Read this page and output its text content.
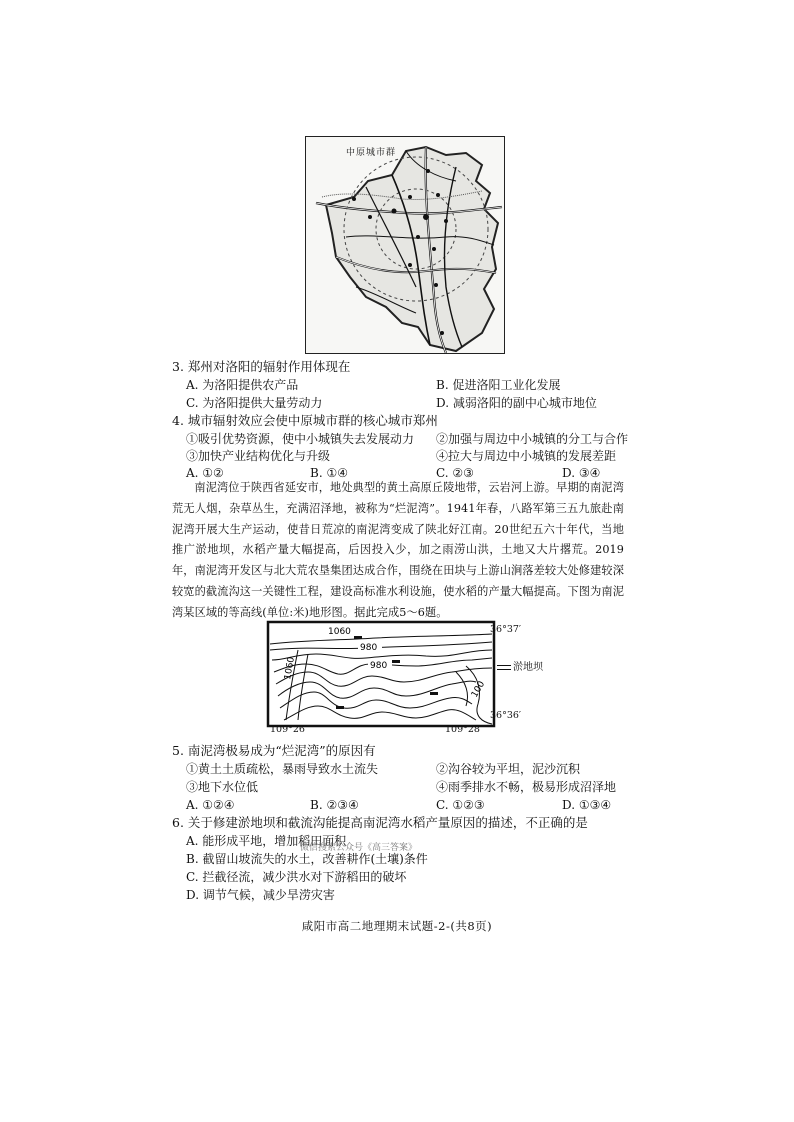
中原城市群
3. 郑州对洛阳的辐射作用体现在
A. 为洛阳提供农产品	B. 促进洛阳工业化发展
C. 为洛阳提供大量劳动力	D. 减弱洛阳的副中心城市地位
4. 城市辐射效应会使中原城市群的核心城市郑州
①吸引优势资源，使中小城镇失去发展动力 ②加强与周边中小城镇的分工与合作
③加快产业结构优化与升级	④拉大与周边中小城镇的发展差距
A. ①②	B. ①④	C. ②③	D. ③④
南泥湾位于陕西省延安市，地处典型的黄土高原丘陵地带，云岩河上游。早期的南泥湾荒无人烟，杂草丛生，充满沼泽地，被称为“烂泥湾”。1941年春，八路军第三五九旅赴南泥湾开展大生产运动，使昔日荒凉的南泥湾变成了陕北好江南。20世纪五六十年代，当地推广淤地坝，水稻产量大幅提高，后因投入少，加之雨涝山洪，土地又大片撂荒。2019年，南泥湾开发区与北大荒农垦集团达成合作，围绕在田块与上游山涧落差较大处修建较深较宽的截流沟这一关键性工程，建设高标准水利设施，使水稻的产量大幅提高。下图为南泥湾某区域的等高线(单位:米)地形图。据此完成5～6题。
1060
980
980
1060
100
36°37′
36°36′
109°26′	109°28′
淤地坝
5. 南泥湾极易成为“烂泥湾”的原因有
①黄土土质疏松，暴雨导致水土流失	②沟谷较为平坦，泥沙沉积
③地下水位低	④雨季排水不畅，极易形成沼泽地
A. ①②④	B. ②③④	C. ①②③	D. ①③④
6. 关于修建淤地坝和截流沟能提高南泥湾水稻产量原因的描述，不正确的是
A. 能形成平地，增加稻田面积
B. 截留山坡流失的水土，改善耕作(土壤)条件
C. 拦截径流，减少洪水对下游稻田的破坏
D. 调节气候，减少旱涝灾害
微信搜索公众号《高三答案》
咸阳市高二地理期末试题-2-(共8页)
